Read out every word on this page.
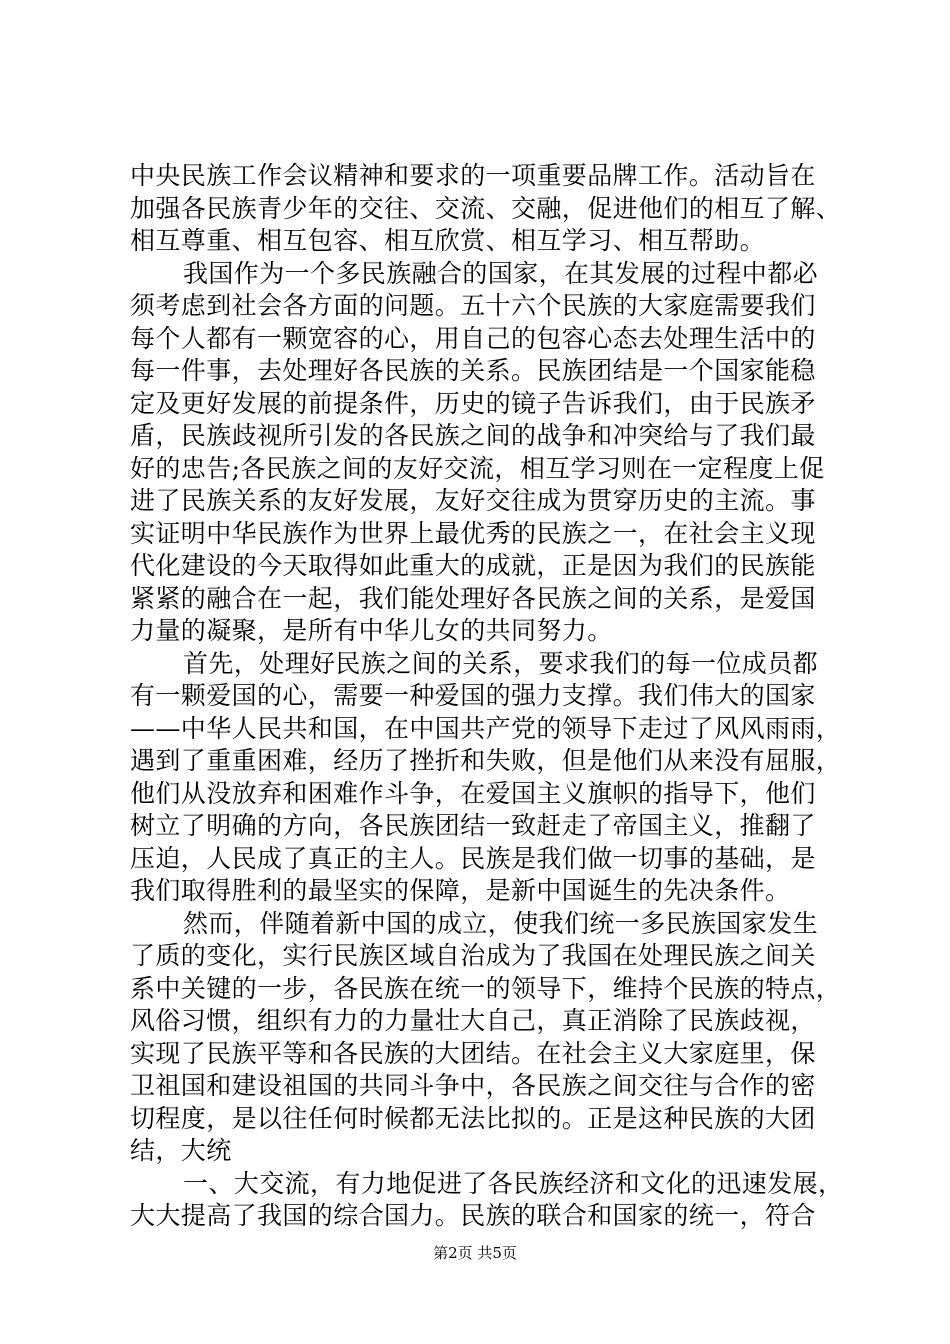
中央民族工作会议精神和要求的一项重要品牌工作。活动旨在
加强各民族青少年的交往、交流、交融，促进他们的相互了解、
相互尊重、相互包容、相互欣赏、相互学习、相互帮助。
我国作为一个多民族融合的国家，在其发展的过程中都必
须考虑到社会各方面的问题。五十六个民族的大家庭需要我们
每个人都有一颗宽容的心，用自己的包容心态去处理生活中的
每一件事，去处理好各民族的关系。民族团结是一个国家能稳
定及更好发展的前提条件，历史的镜子告诉我们，由于民族矛
盾，民族歧视所引发的各民族之间的战争和冲突给与了我们最
好的忠告;各民族之间的友好交流，相互学习则在一定程度上促
进了民族关系的友好发展，友好交往成为贯穿历史的主流。事
实证明中华民族作为世界上最优秀的民族之一，在社会主义现
代化建设的今天取得如此重大的成就，正是因为我们的民族能
紧紧的融合在一起，我们能处理好各民族之间的关系，是爱国
力量的凝聚，是所有中华儿女的共同努力。
首先，处理好民族之间的关系，要求我们的每一位成员都
有一颗爱国的心，需要一种爱国的强力支撑。我们伟大的国家
——中华人民共和国，在中国共产党的领导下走过了风风雨雨，
遇到了重重困难，经历了挫折和失败，但是他们从来没有屈服，
他们从没放弃和困难作斗争，在爱国主义旗帜的指导下，他们
树立了明确的方向，各民族团结一致赶走了帝国主义，推翻了
压迫，人民成了真正的主人。民族是我们做一切事的基础，是
我们取得胜利的最坚实的保障，是新中国诞生的先决条件。
然而，伴随着新中国的成立，使我们统一多民族国家发生
了质的变化，实行民族区域自治成为了我国在处理民族之间关
系中关键的一步，各民族在统一的领导下，维持个民族的特点，
风俗习惯，组织有力的力量壮大自己，真正消除了民族歧视，
实现了民族平等和各民族的大团结。在社会主义大家庭里，保
卫祖国和建设祖国的共同斗争中，各民族之间交往与合作的密
切程度，是以往任何时候都无法比拟的。正是这种民族的大团
结，大统
一、大交流，有力地促进了各民族经济和文化的迅速发展，
大大提高了我国的综合国力。民族的联合和国家的统一，符合
第2页 共5页
